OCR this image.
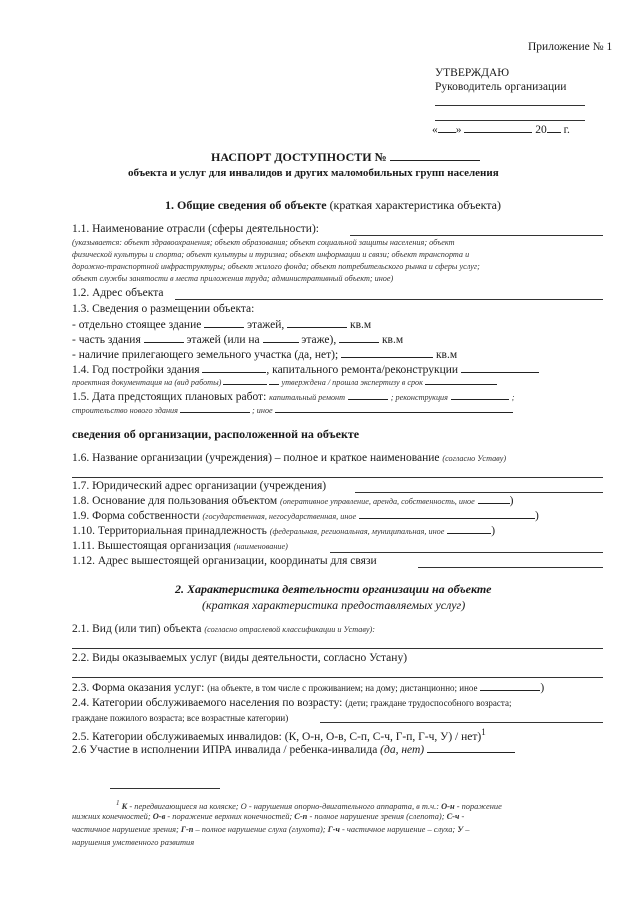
Приложение № 1
УТВЕРЖДАЮ
Руководитель организации
« »	20 г.
НАСПОРТ ДОСТУПНОСТИ №
объекта и услуг для инвалидов и других маломобильных групп населения
1. Общие сведения об объекте (краткая характеристика объекта)
1.1. Наименование отрасли (сферы деятельности):
(указывается: объект здравоохранения; объект образования; объект социальной защиты населения; объект
физической культуры и спорта; объект культуры и туризма; объект информации и связи; объект транспорта и
дорожно-транспортной инфраструктуры; объект жилого фонда; объект потребительского рынка и сферы услуг;
объект службы занятости в места приложения труда; административный объект; иное)
1.2. Адрес объекта
1.3. Сведения о размещении объекта:
- отдельно стоящее здание	этажей,	кв.м
- часть здания	этажей (или на	этаже),	кв.м
- наличие прилегающего земельного участка (да, нет);	кв.м
1.4. Год постройки здания	, капитального ремонта/реконструкции
проектная документация на (вид работы)	утверждена / прошла экспертизу в срок
1.5. Дата предстоящих плановых работ: капитальный ремонт	; реконструкция	;
строительство нового здания	; иное
сведения об организации, расположенной на объекте
1.6. Название организации (учреждения) – полное и краткое наименование (согласно Уставу)
1.7. Юридический адрес организации (учреждения)
1.8. Основание для пользования объектом (оперативное управление, аренда, собственность, иное	)
1.9. Форма собственности (государственная, негосударственная, иное	)
1.10. Территориальная принадлежность (федеральная, региональная, муниципальная, иное	)
1.11. Вышестоящая организация (наименование)
1.12. Адрес вышестоящей организации, координаты для связи
2. Характеристика деятельности организации на объекте
(краткая характеристика предоставляемых услуг)
2.1. Вид (или тип) объекта (согласно отраслевой классификации и Уставу):
2.2. Виды оказываемых услуг (виды деятельности, согласно Устану)
2.3. Форма оказания услуг: (на объекте, в том числе с проживанием; на дому; дистанционно; иное	)
2.4. Категории обслуживаемого населения по возрасту: (дети; граждане трудоспособного возраста;
граждане пожилого возраста; все возрастные категории)
2.5. Категории обслуживаемых инвалидов: (К, О-н, О-в, С-п, С-ч, Г-п, Г-ч, У) / нет)$^1$
2.6 Участие в исполнении ИПРА инвалида / ребенка-инвалида (да, нет)
$^1$ К - передвигающиеся на коляске; О - нарушения опорно-двигательного аппарата, в т.ч.: О-н - поражение
нижних конечностей; О-в - поражение верхних конечностей; С-п - полное нарушение зрения (слепота); С-ч -
частичное нарушение зрения; Г-п – полное нарушение слуха (глухота); Г-ч - частичное нарушение – слуха; У –
нарушения умственного развития
